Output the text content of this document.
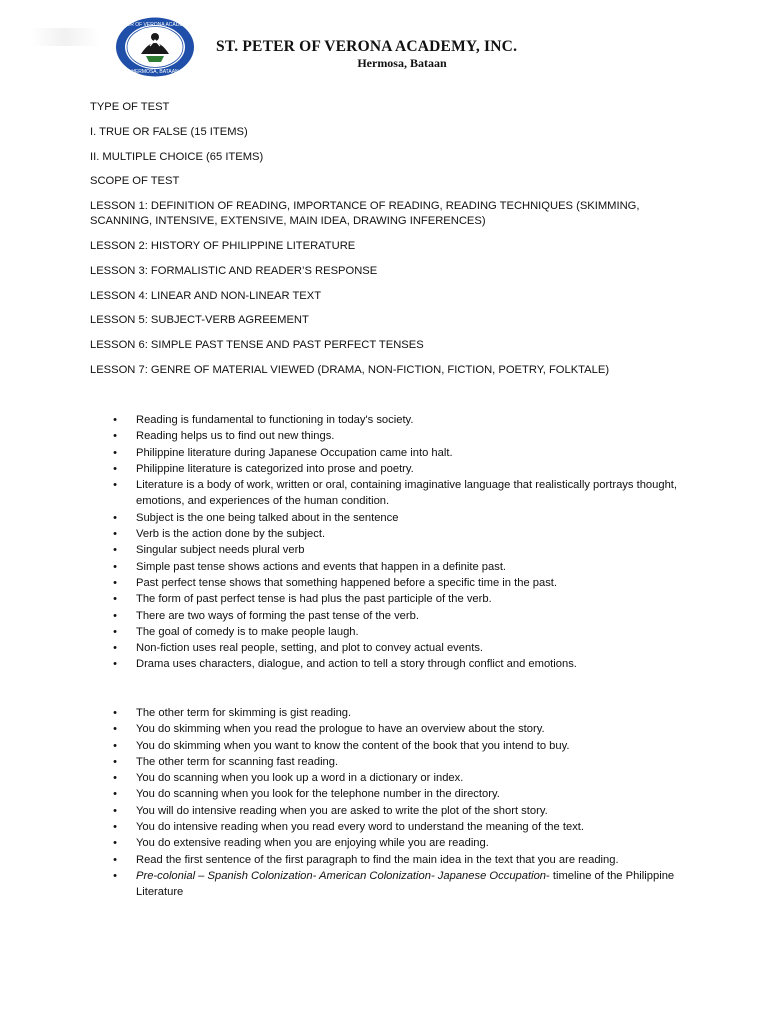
ST. PETER OF VERONA ACADEMY INC.
HERMOSA, BATAAN
ST. PETER OF VERONA ACADEMY, INC.
Hermosa, Bataan
TYPE OF TEST
I. TRUE OR FALSE (15 ITEMS)
II. MULTIPLE CHOICE (65 ITEMS)
SCOPE OF TEST
LESSON 1: DEFINITION OF READING, IMPORTANCE OF READING, READING TECHNIQUES (SKIMMING, SCANNING, INTENSIVE, EXTENSIVE, MAIN IDEA, DRAWING INFERENCES)
LESSON 2: HISTORY OF PHILIPPINE LITERATURE
LESSON 3: FORMALISTIC AND READER’S RESPONSE
LESSON 4: LINEAR AND NON-LINEAR TEXT
LESSON 5: SUBJECT-VERB AGREEMENT
LESSON 6: SIMPLE PAST TENSE AND PAST PERFECT TENSES
LESSON 7: GENRE OF MATERIAL VIEWED (DRAMA, NON-FICTION, FICTION, POETRY, FOLKTALE)
• Reading is fundamental to functioning in today's society.
• Reading helps us to find out new things.
• Philippine literature during Japanese Occupation came into halt.
• Philippine literature is categorized into prose and poetry.
• Literature is a body of work, written or oral, containing imaginative language that realistically portrays thought, emotions, and experiences of the human condition.
• Subject is the one being talked about in the sentence
• Verb is the action done by the subject.
• Singular subject needs plural verb
• Simple past tense shows actions and events that happen in a definite past.
• Past perfect tense shows that something happened before a specific time in the past.
• The form of past perfect tense is had plus the past participle of the verb.
• There are two ways of forming the past tense of the verb.
• The goal of comedy is to make people laugh.
• Non-fiction uses real people, setting, and plot to convey actual events.
• Drama uses characters, dialogue, and action to tell a story through conflict and emotions.
• The other term for skimming is gist reading.
• You do skimming when you read the prologue to have an overview about the story.
• You do skimming when you want to know the content of the book that you intend to buy.
• The other term for scanning fast reading.
• You do scanning when you look up a word in a dictionary or index.
• You do scanning when you look for the telephone number in the directory.
• You will do intensive reading when you are asked to write the plot of the short story.
• You do intensive reading when you read every word to understand the meaning of the text.
• You do extensive reading when you are enjoying while you are reading.
• Read the first sentence of the first paragraph to find the main idea in the text that you are reading.
• Pre-colonial – Spanish Colonization- American Colonization- Japanese Occupation- timeline of the Philippine Literature
